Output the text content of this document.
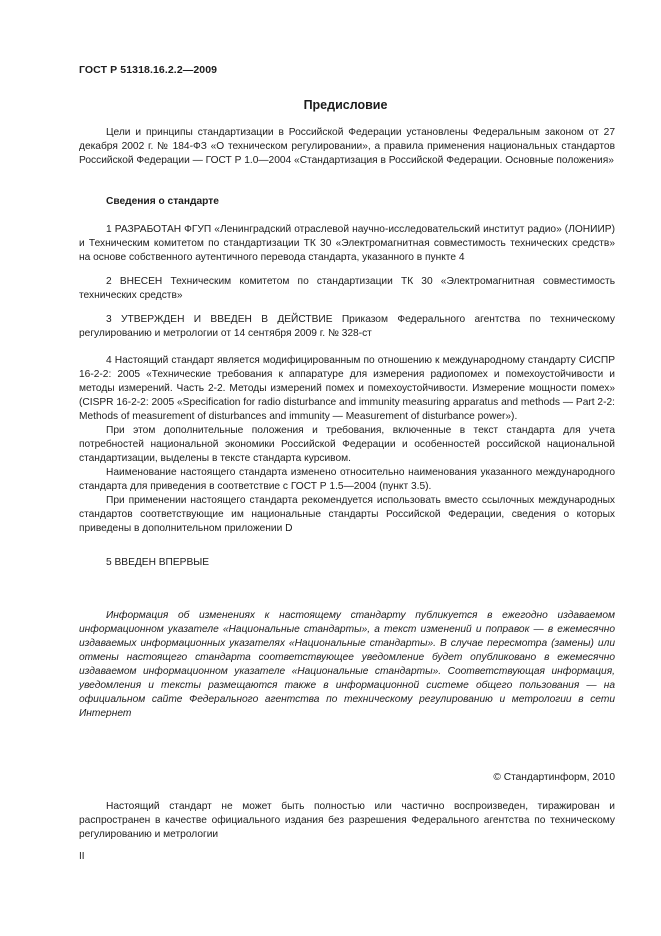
ГОСТ Р 51318.16.2.2—2009
Предисловие

Цели и принципы стандартизации в Российской Федерации установлены Федеральным законом от 27 декабря 2002 г. № 184-ФЗ «О техническом регулировании», а правила применения национальных стандартов Российской Федерации — ГОСТ Р 1.0—2004 «Стандартизация в Российской Федерации. Основные положения»

Сведения о стандарте

1 РАЗРАБОТАН ФГУП «Ленинградский отраслевой научно-исследовательский институт радио» (ЛОНИИР) и Техническим комитетом по стандартизации ТК 30 «Электромагнитная совместимость технических средств» на основе собственного аутентичного перевода стандарта, указанного в пункте 4

2 ВНЕСЕН Техническим комитетом по стандартизации ТК 30 «Электромагнитная совместимость технических средств»

3 УТВЕРЖДЕН И ВВЕДЕН В ДЕЙСТВИЕ Приказом Федерального агентства по техническому регулированию и метрологии от 14 сентября 2009 г. № 328-ст

4 Настоящий стандарт является модифицированным по отношению к международному стандарту СИСПР 16-2-2: 2005 «Технические требования к аппаратуре для измерения радиопомех и помехоустойчивости и методы измерений. Часть 2-2. Методы измерений помех и помехоустойчивости. Измерение мощности помех» (CISPR 16-2-2: 2005 «Specification for radio disturbance and immunity measuring apparatus and methods — Part 2-2: Methods of measurement of disturbances and immunity — Measurement of disturbance power»).

При этом дополнительные положения и требования, включенные в текст стандарта для учета потребностей национальной экономики Российской Федерации и особенностей российской национальной стандартизации, выделены в тексте стандарта курсивом.

Наименование настоящего стандарта изменено относительно наименования указанного международного стандарта для приведения в соответствие с ГОСТ Р 1.5—2004 (пункт 3.5).

При применении настоящего стандарта рекомендуется использовать вместо ссылочных международных стандартов соответствующие им национальные стандарты Российской Федерации, сведения о которых приведены в дополнительном приложении D

5 ВВЕДЕН ВПЕРВЫЕ

Информация об изменениях к настоящему стандарту публикуется в ежегодно издаваемом информационном указателе «Национальные стандарты», а текст изменений и поправок — в ежемесячно издаваемых информационных указателях «Национальные стандарты». В случае пересмотра (замены) или отмены настоящего стандарта соответствующее уведомление будет опубликовано в ежемесячно издаваемом информационном указателе «Национальные стандарты». Соответствующая информация, уведомления и тексты размещаются также в информационной системе общего пользования — на официальном сайте Федерального агентства по техническому регулированию и метрологии в сети Интернет

© Стандартинформ, 2010

Настоящий стандарт не может быть полностью или частично воспроизведен, тиражирован и распространен в качестве официального издания без разрешения Федерального агентства по техническому регулированию и метрологии

II
